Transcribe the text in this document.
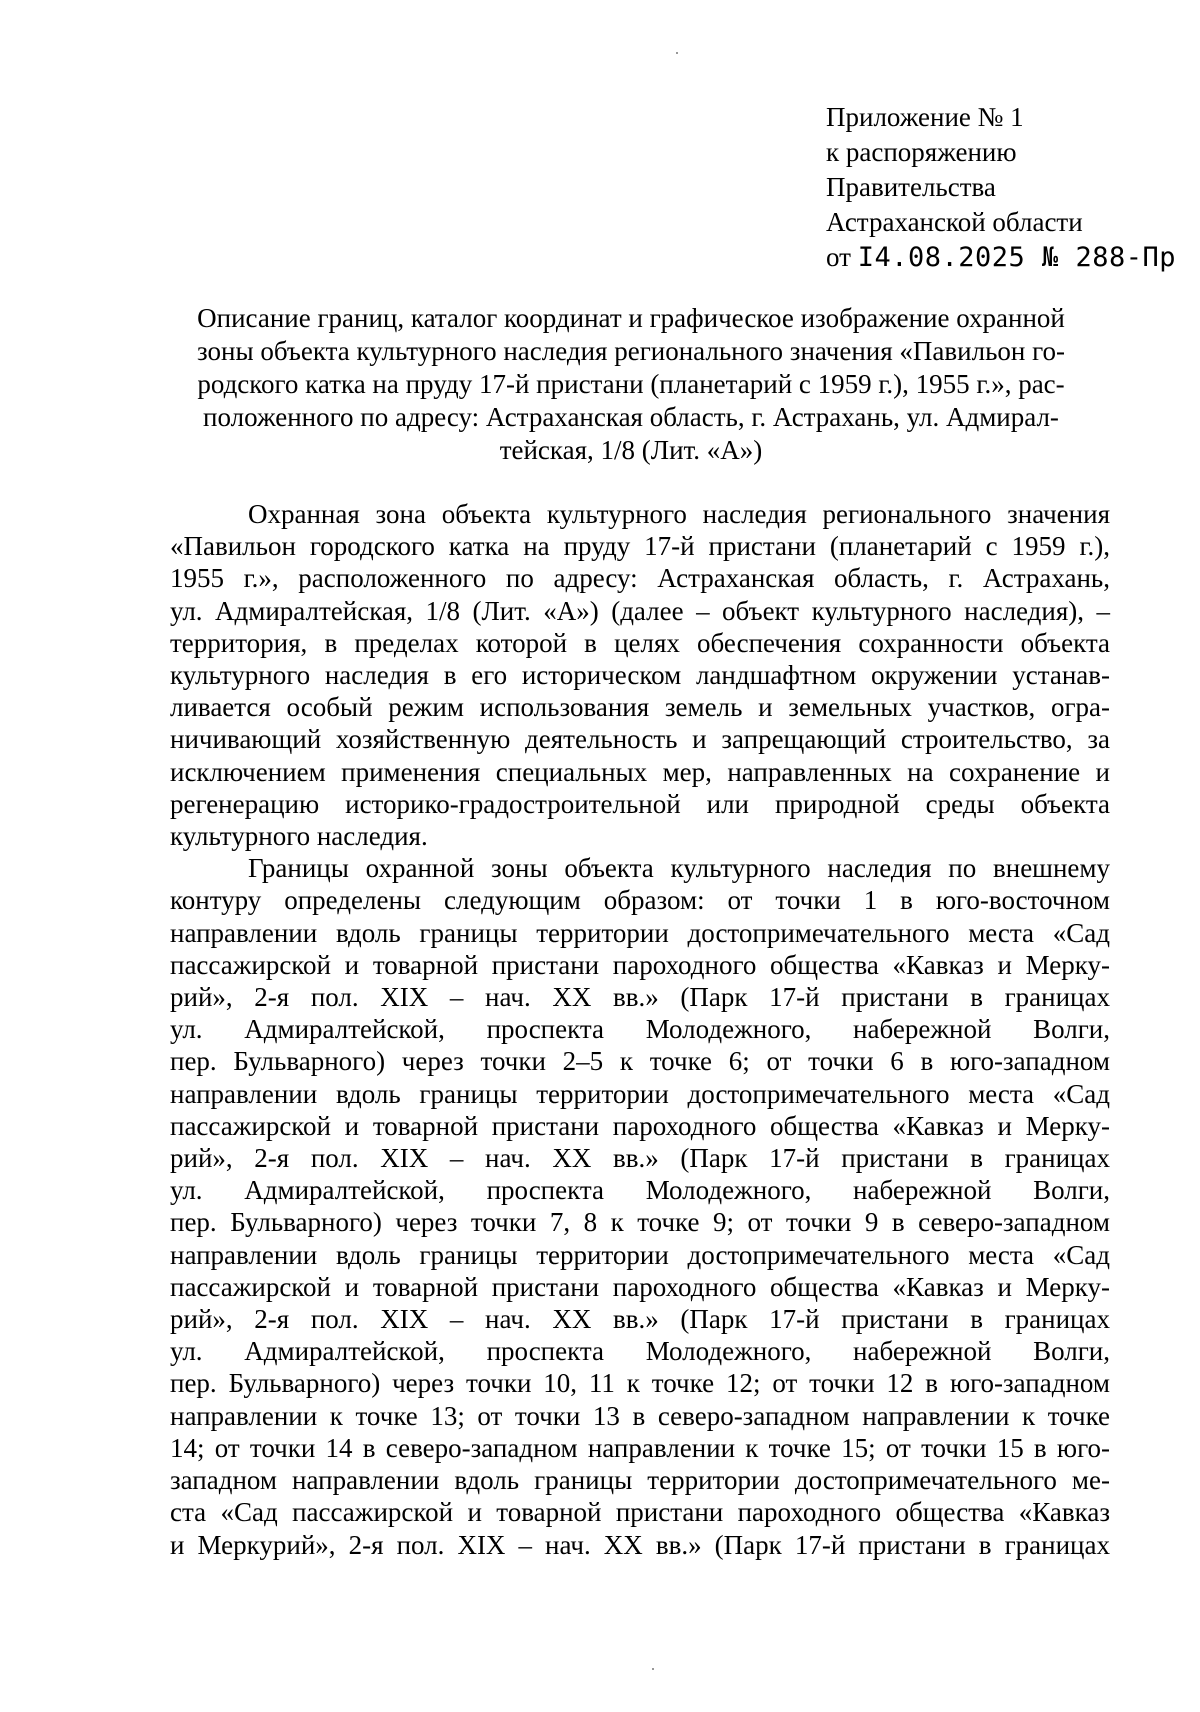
Приложение № 1
к распоряжению
Правительства
Астраханской области
от I4.08.2025 № 288-Пр
Описание границ, каталог координат и графическое изображение охранной
зоны объекта культурного наследия регионального значения «Павильон го-
родского катка на пруду 17-й пристани (планетарий с 1959 г.), 1955 г.», рас-
положенного по адресу: Астраханская область, г. Астрахань, ул. Адмирал-
тейская, 1/8 (Лит. «А»)
Охранная зона объекта культурного наследия регионального значения
«Павильон городского катка на пруду 17-й пристани (планетарий с 1959 г.),
1955 г.», расположенного по адресу: Астраханская область, г. Астрахань,
ул. Адмиралтейская, 1/8 (Лит. «А») (далее – объект культурного наследия), –
территория, в пределах которой в целях обеспечения сохранности объекта
культурного наследия в его историческом ландшафтном окружении устанав-
ливается особый режим использования земель и земельных участков, огра-
ничивающий хозяйственную деятельность и запрещающий строительство, за
исключением применения специальных мер, направленных на сохранение и
регенерацию историко-градостроительной или природной среды объекта
культурного наследия.
Границы охранной зоны объекта культурного наследия по внешнему
контуру определены следующим образом: от точки 1 в юго-восточном
направлении вдоль границы территории достопримечательного места «Сад
пассажирской и товарной пристани пароходного общества «Кавказ и Мерку-
рий», 2-я пол. XIX – нач. XX вв.» (Парк 17-й пристани в границах
ул. Адмиралтейской, проспекта Молодежного, набережной Волги,
пер. Бульварного) через точки 2–5 к точке 6; от точки 6 в юго-западном
направлении вдоль границы территории достопримечательного места «Сад
пассажирской и товарной пристани пароходного общества «Кавказ и Мерку-
рий», 2-я пол. XIX – нач. XX вв.» (Парк 17-й пристани в границах
ул. Адмиралтейской, проспекта Молодежного, набережной Волги,
пер. Бульварного) через точки 7, 8 к точке 9; от точки 9 в северо-западном
направлении вдоль границы территории достопримечательного места «Сад
пассажирской и товарной пристани пароходного общества «Кавказ и Мерку-
рий», 2-я пол. XIX – нач. XX вв.» (Парк 17-й пристани в границах
ул. Адмиралтейской, проспекта Молодежного, набережной Волги,
пер. Бульварного) через точки 10, 11 к точке 12; от точки 12 в юго-западном
направлении к точке 13; от точки 13 в северо-западном направлении к точке
14; от точки 14 в северо-западном направлении к точке 15; от точки 15 в юго-
западном направлении вдоль границы территории достопримечательного ме-
ста «Сад пассажирской и товарной пристани пароходного общества «Кавказ
и Меркурий», 2-я пол. XIX – нач. XX вв.» (Парк 17-й пристани в границах
